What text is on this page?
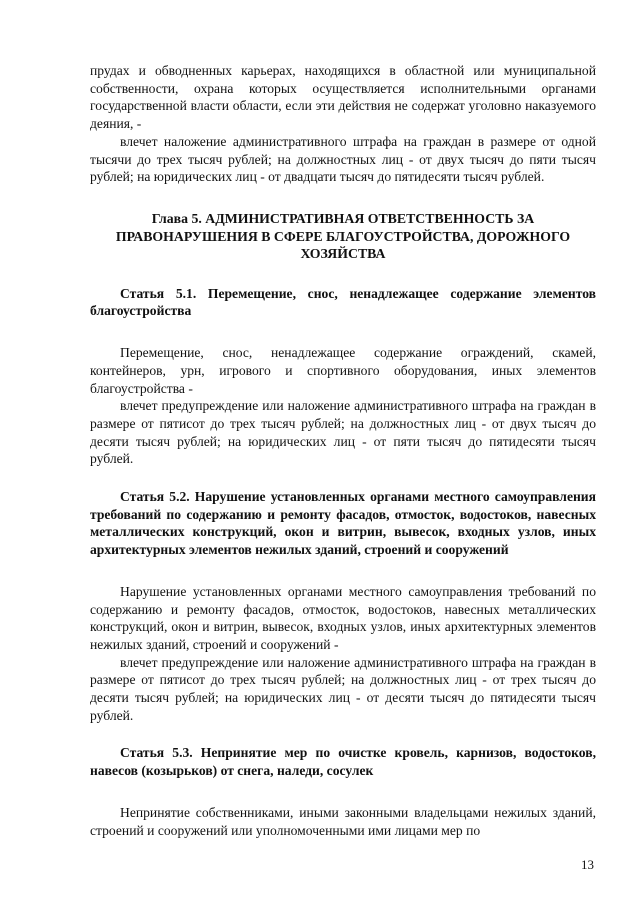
прудах и обводненных карьерах, находящихся в областной или муниципальной собственности, охрана которых осуществляется исполнительными органами государственной власти области, если эти действия не содержат уголовно наказуемого деяния, -

влечет наложение административного штрафа на граждан в размере от одной тысячи до трех тысяч рублей; на должностных лиц - от двух тысяч до пяти тысяч рублей; на юридических лиц - от двадцати тысяч до пятидесяти тысяч рублей.

Глава 5. АДМИНИСТРАТИВНАЯ ОТВЕТСТВЕННОСТЬ ЗА ПРАВОНАРУШЕНИЯ В СФЕРЕ БЛАГОУСТРОЙСТВА, ДОРОЖНОГО ХОЗЯЙСТВА

Статья 5.1. Перемещение, снос, ненадлежащее содержание элементов благоустройства

Перемещение, снос, ненадлежащее содержание ограждений, скамей, контейнеров, урн, игрового и спортивного оборудования, иных элементов благоустройства -

влечет предупреждение или наложение административного штрафа на граждан в размере от пятисот до трех тысяч рублей; на должностных лиц - от двух тысяч до десяти тысяч рублей; на юридических лиц - от пяти тысяч до пятидесяти тысяч рублей.

Статья 5.2. Нарушение установленных органами местного самоуправления требований по содержанию и ремонту фасадов, отмосток, водостоков, навесных металлических конструкций, окон и витрин, вывесок, входных узлов, иных архитектурных элементов нежилых зданий, строений и сооружений

Нарушение установленных органами местного самоуправления требований по содержанию и ремонту фасадов, отмосток, водостоков, навесных металлических конструкций, окон и витрин, вывесок, входных узлов, иных архитектурных элементов нежилых зданий, строений и сооружений -

влечет предупреждение или наложение административного штрафа на граждан в размере от пятисот до трех тысяч рублей; на должностных лиц - от трех тысяч до десяти тысяч рублей; на юридических лиц - от десяти тысяч до пятидесяти тысяч рублей.

Статья 5.3. Непринятие мер по очистке кровель, карнизов, водостоков, навесов (козырьков) от снега, наледи, сосулек

Непринятие собственниками, иными законными владельцами нежилых зданий, строений и сооружений или уполномоченными ими лицами мер по

13
